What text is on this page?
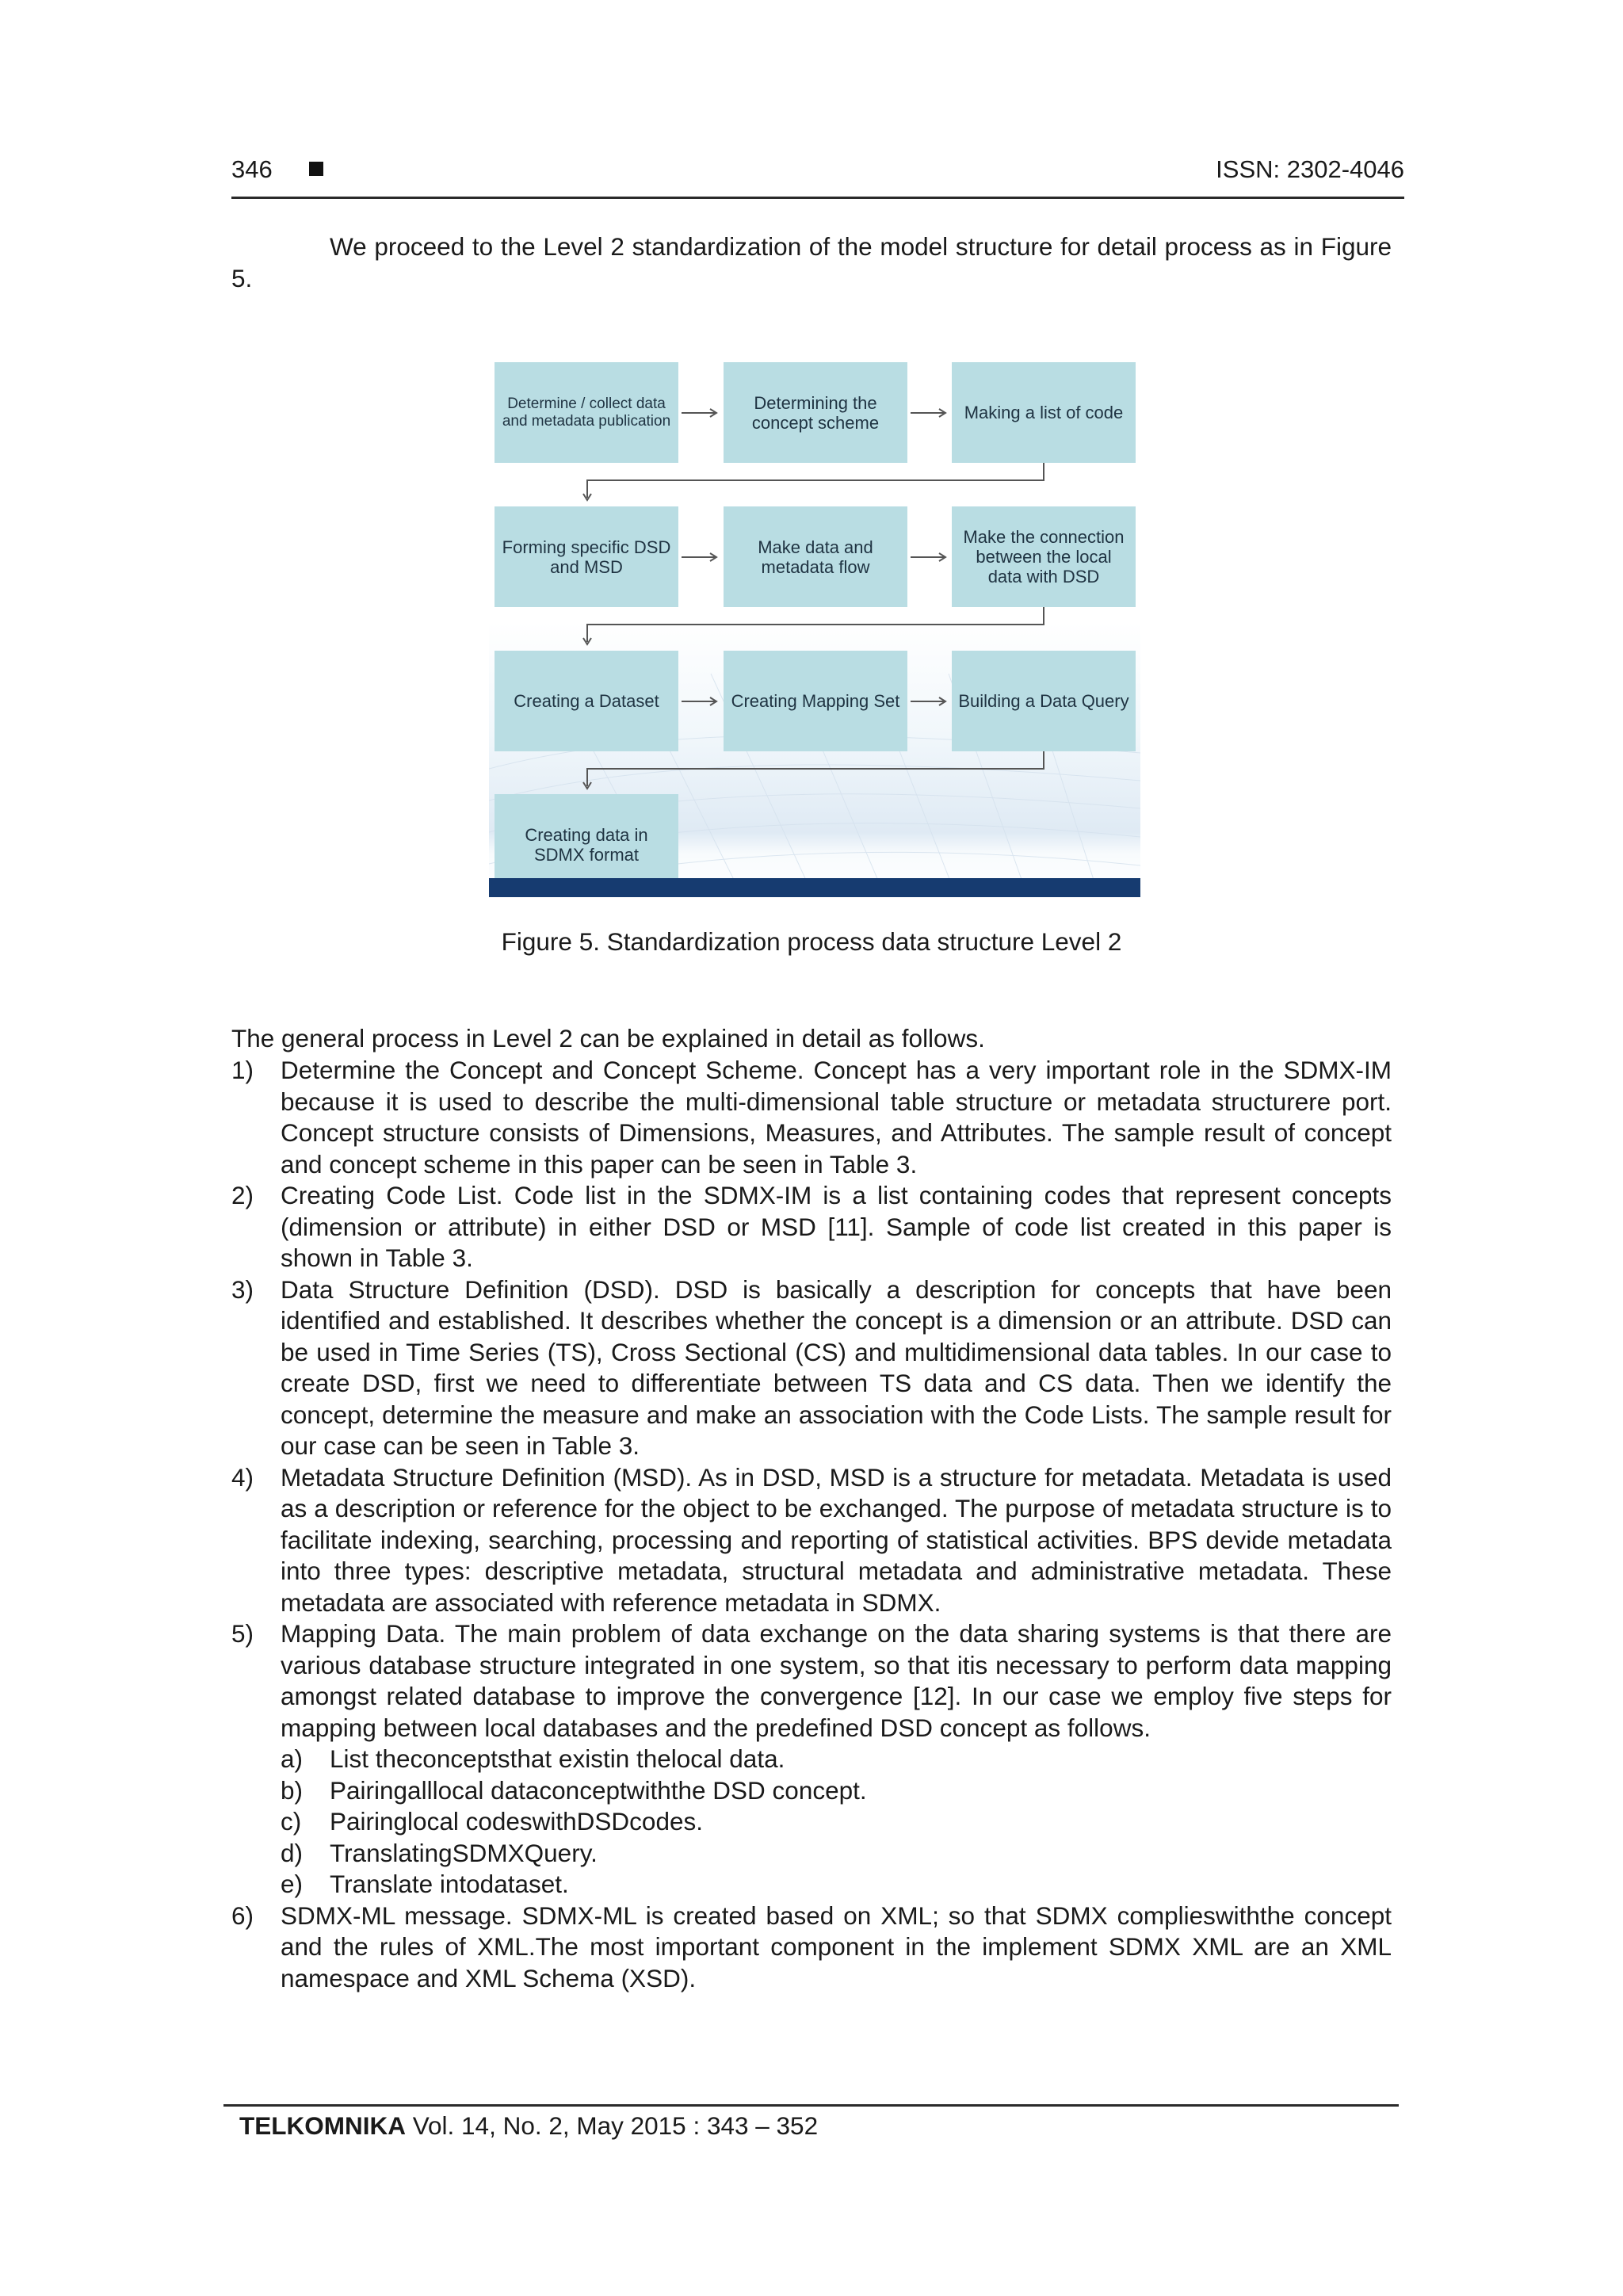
346	ISSN: 2302-4046

We proceed to the Level 2 standardization of the model structure for detail process as in Figure 5.

Determine / collect data and metadata publication
Determining the concept scheme	Making a list of code
Forming specific DSD and MSD
Make data and metadata flow
Make the connection between the local data with DSD
Creating a Dataset	Creating Mapping Set	Building a Data Query
Creating data in SDMX format
Figure 5. Standardization process data structure Level 2

The general process in Level 2 can be explained in detail as follows.

1) Determine the Concept and Concept Scheme. Concept has a very important role in the SDMX-IM because it is used to describe the multi-dimensional table structure or metadata structurere port. Concept structure consists of Dimensions, Measures, and Attributes. The sample result of concept and concept scheme in this paper can be seen in Table 3.
2) Creating Code List. Code list in the SDMX-IM is a list containing codes that represent concepts (dimension or attribute) in either DSD or MSD [11]. Sample of code list created in this paper is shown in Table 3.
3) Data Structure Definition (DSD). DSD is basically a description for concepts that have been identified and established. It describes whether the concept is a dimension or an attribute. DSD can be used in Time Series (TS), Cross Sectional (CS) and multidimensional data tables. In our case to create DSD, first we need to differentiate between TS data and CS data. Then we identify the concept, determine the measure and make an association with the Code Lists. The sample result for our case can be seen in Table 3.
4) Metadata Structure Definition (MSD). As in DSD, MSD is a structure for metadata. Metadata is used as a description or reference for the object to be exchanged. The purpose of metadata structure is to facilitate indexing, searching, processing and reporting of statistical activities. BPS devide metadata into three types: descriptive metadata, structural metadata and administrative metadata. These metadata are associated with reference metadata in SDMX.
5) Mapping Data. The main problem of data exchange on the data sharing systems is that there are various database structure integrated in one system, so that itis necessary to perform data mapping amongst related database to improve the convergence [12]. In our case we employ five steps for mapping between local databases and the predefined DSD concept as follows.
a) List theconceptsthat existin thelocal data.
b) Pairingalllocal dataconceptwiththe DSD concept.
c) Pairinglocal codeswithDSDcodes.
d) TranslatingSDMXQuery.
e) Translate intodataset.
6) SDMX-ML message. SDMX-ML is created based on XML; so that SDMX complieswiththe concept and the rules of XML.The most important component in the implement SDMX XML are an XML namespace and XML Schema (XSD).
TELKOMNIKA Vol. 14, No. 2, May 2015 : 343 – 352
